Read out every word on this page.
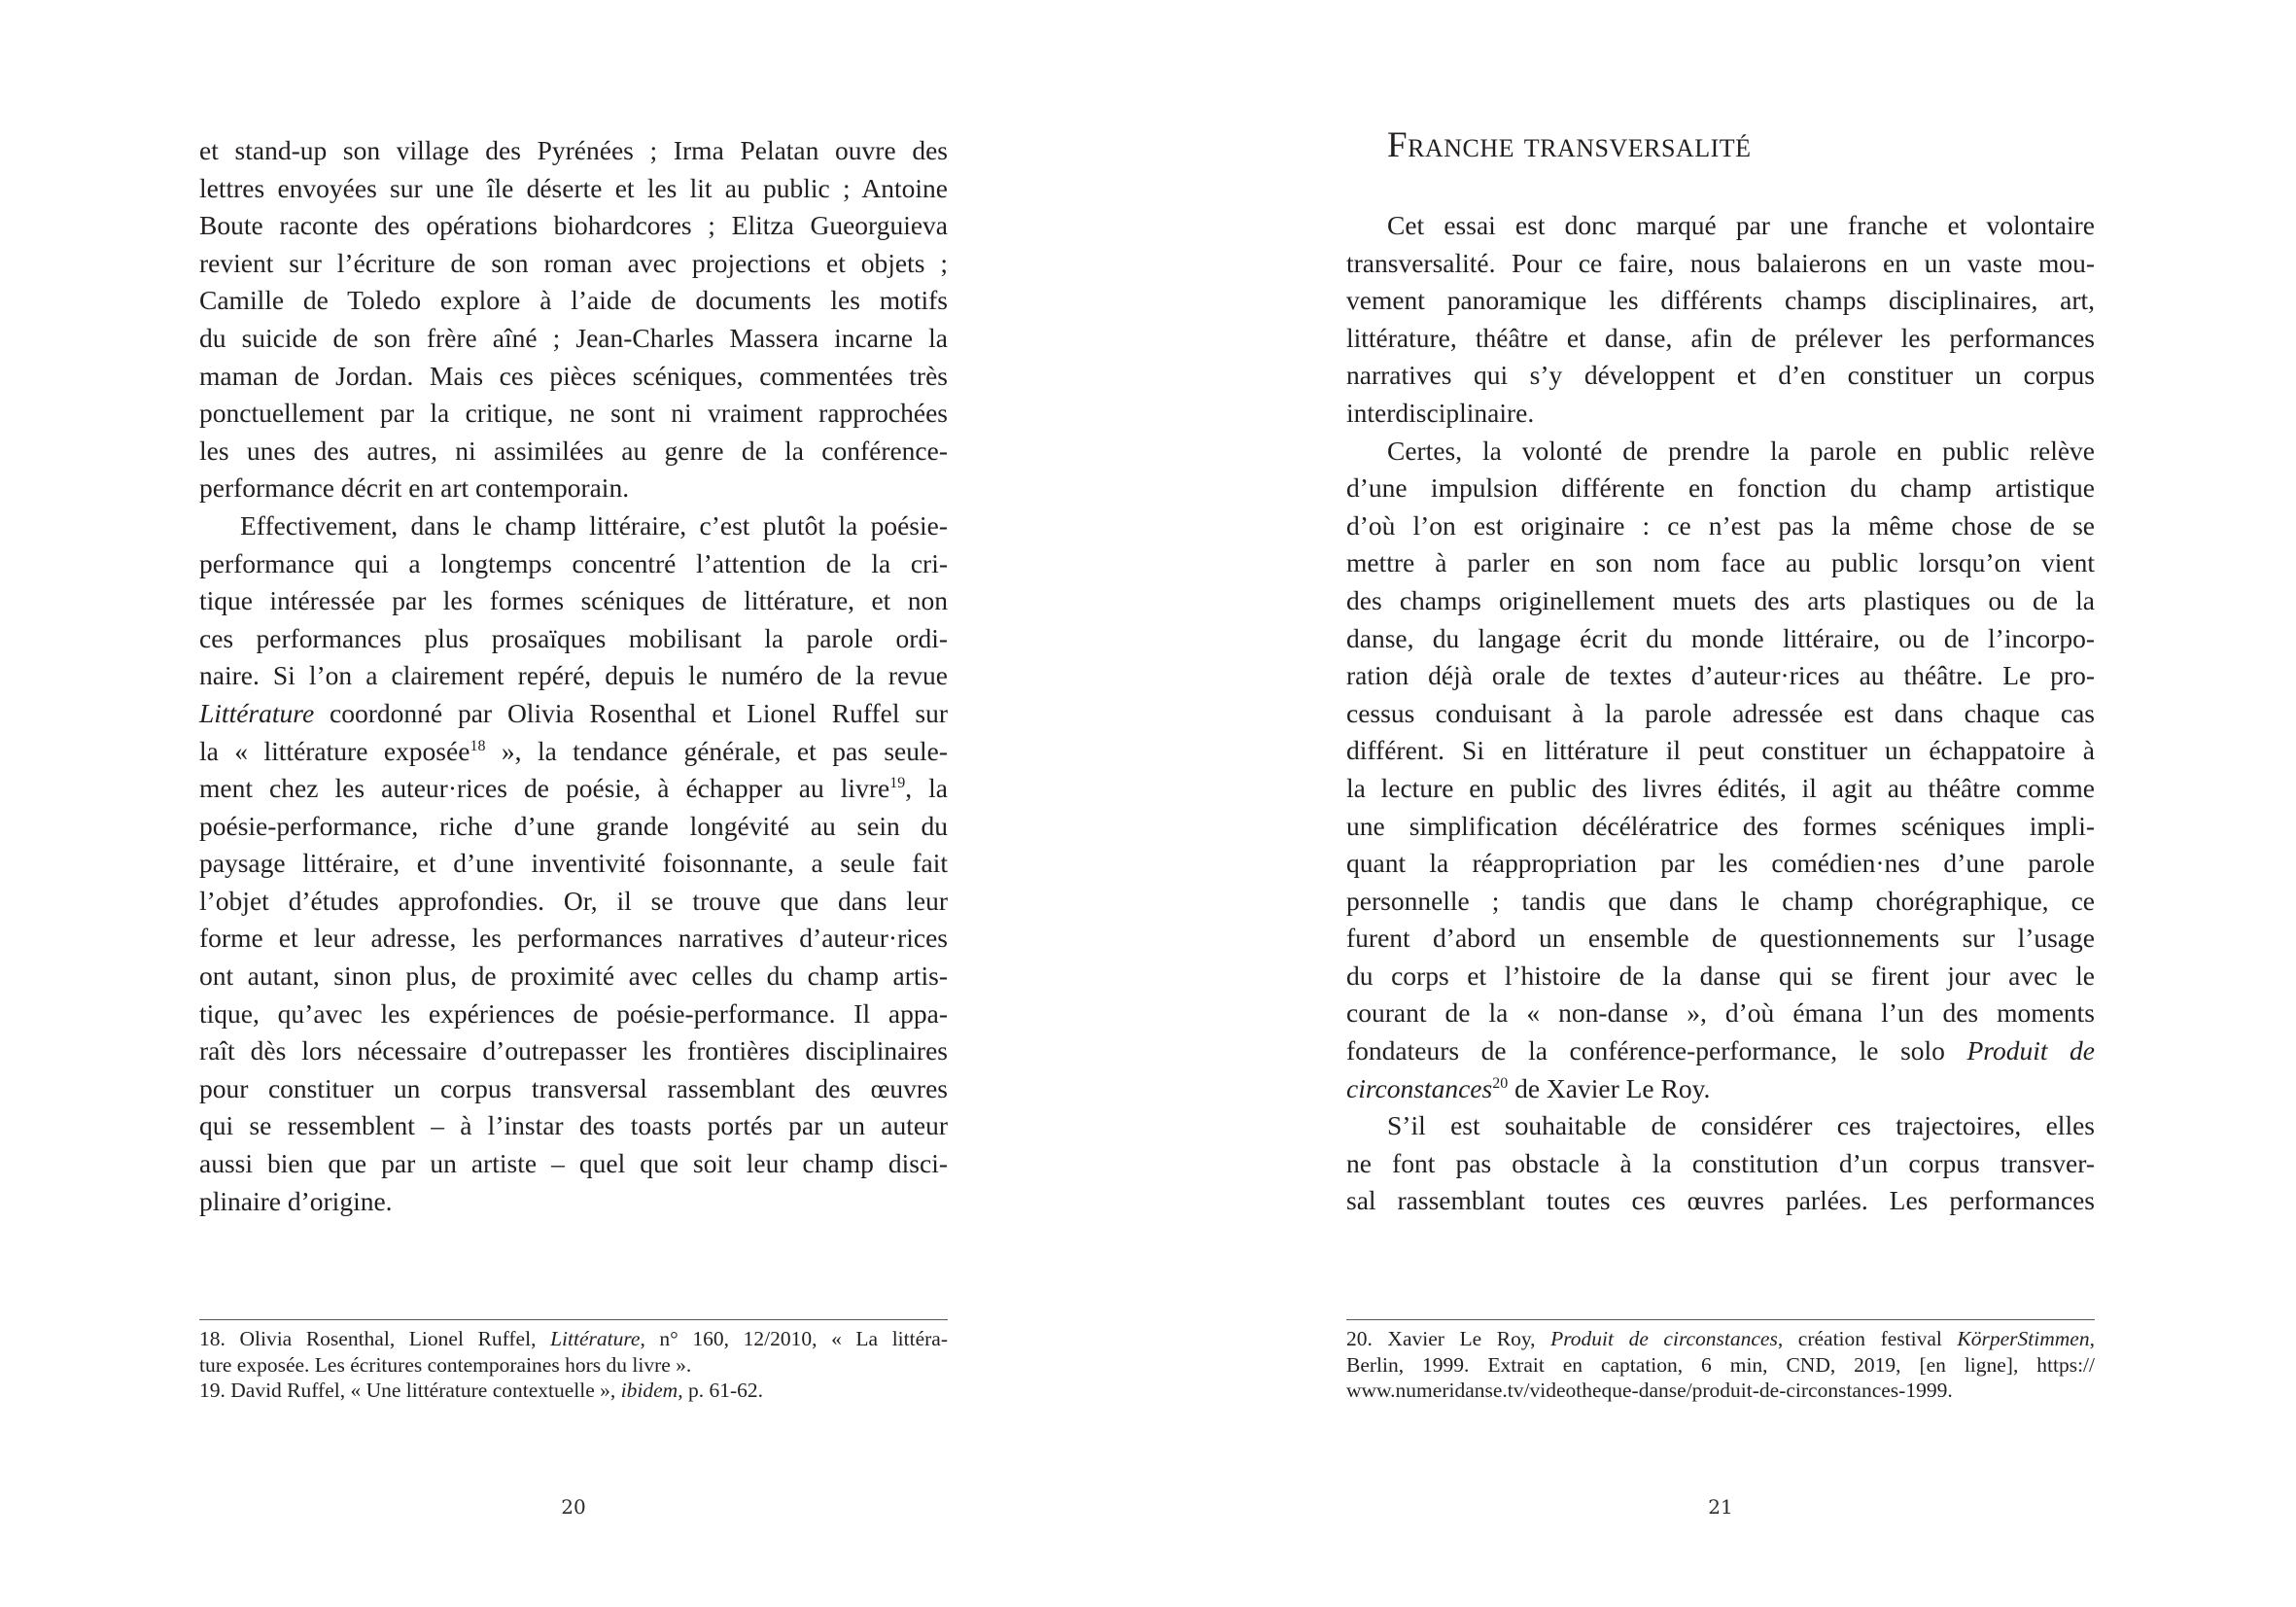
et stand-up son village des Pyrénées ; Irma Pelatan ouvre des
lettres envoyées sur une île déserte et les lit au public ; Antoine
Boute raconte des opérations biohardcores ; Elitza Gueorguieva
revient sur l’écriture de son roman avec projections et objets ;
Camille de Toledo explore à l’aide de documents les motifs
du suicide de son frère aîné ; Jean-Charles Massera incarne la
maman de Jordan. Mais ces pièces scéniques, commentées très
ponctuellement par la critique, ne sont ni vraiment rapprochées
les unes des autres, ni assimilées au genre de la conférence-
performance décrit en art contemporain.
Effectivement, dans le champ littéraire, c’est plutôt la poésie-
performance qui a longtemps concentré l’attention de la cri-
tique intéressée par les formes scéniques de littérature, et non
ces performances plus prosaïques mobilisant la parole ordi-
naire. Si l’on a clairement repéré, depuis le numéro de la revue
Littérature coordonné par Olivia Rosenthal et Lionel Ruffel sur
la « littérature exposée$^{18}$ », la tendance générale, et pas seule-
ment chez les auteur·rices de poésie, à échapper au livre$^{19}$, la
poésie-performance, riche d’une grande longévité au sein du
paysage littéraire, et d’une inventivité foisonnante, a seule fait
l’objet d’études approfondies. Or, il se trouve que dans leur
forme et leur adresse, les performances narratives d’auteur·rices
ont autant, sinon plus, de proximité avec celles du champ artis-
tique, qu’avec les expériences de poésie-performance. Il appa-
raît dès lors nécessaire d’outrepasser les frontières disciplinaires
pour constituer un corpus transversal rassemblant des œuvres
qui se ressemblent – à l’instar des toasts portés par un auteur
aussi bien que par un artiste – quel que soit leur champ disci-
plinaire d’origine.
18. Olivia Rosenthal, Lionel Ruffel, Littérature, n° 160, 12/2010, « La littéra-
ture exposée. Les écritures contemporaines hors du livre ».
19. David Ruffel, « Une littérature contextuelle », ibidem, p. 61-62.
20
Franche transversalité
Cet essai est donc marqué par une franche et volontaire
transversalité. Pour ce faire, nous balaierons en un vaste mou-
vement panoramique les différents champs disciplinaires, art,
littérature, théâtre et danse, afin de prélever les performances
narratives qui s’y développent et d’en constituer un corpus
interdisciplinaire.
Certes, la volonté de prendre la parole en public relève
d’une impulsion différente en fonction du champ artistique
d’où l’on est originaire : ce n’est pas la même chose de se
mettre à parler en son nom face au public lorsqu’on vient
des champs originellement muets des arts plastiques ou de la
danse, du langage écrit du monde littéraire, ou de l’incorpo-
ration déjà orale de textes d’auteur·rices au théâtre. Le pro-
cessus conduisant à la parole adressée est dans chaque cas
différent. Si en littérature il peut constituer un échappatoire à
la lecture en public des livres édités, il agit au théâtre comme
une simplification décélératrice des formes scéniques impli-
quant la réappropriation par les comédien·nes d’une parole
personnelle ; tandis que dans le champ chorégraphique, ce
furent d’abord un ensemble de questionnements sur l’usage
du corps et l’histoire de la danse qui se firent jour avec le
courant de la « non-danse », d’où émana l’un des moments
fondateurs de la conférence-performance, le solo Produit de
circonstances$^{20}$ de Xavier Le Roy.
S’il est souhaitable de considérer ces trajectoires, elles
ne font pas obstacle à la constitution d’un corpus transver-
sal rassemblant toutes ces œuvres parlées. Les performances
20. Xavier Le Roy, Produit de circonstances, création festival KörperStimmen,
Berlin, 1999. Extrait en captation, 6 min, CND, 2019, [en ligne], https://
www.numeridanse.tv/videotheque-danse/produit-de-circonstances-1999.
21
